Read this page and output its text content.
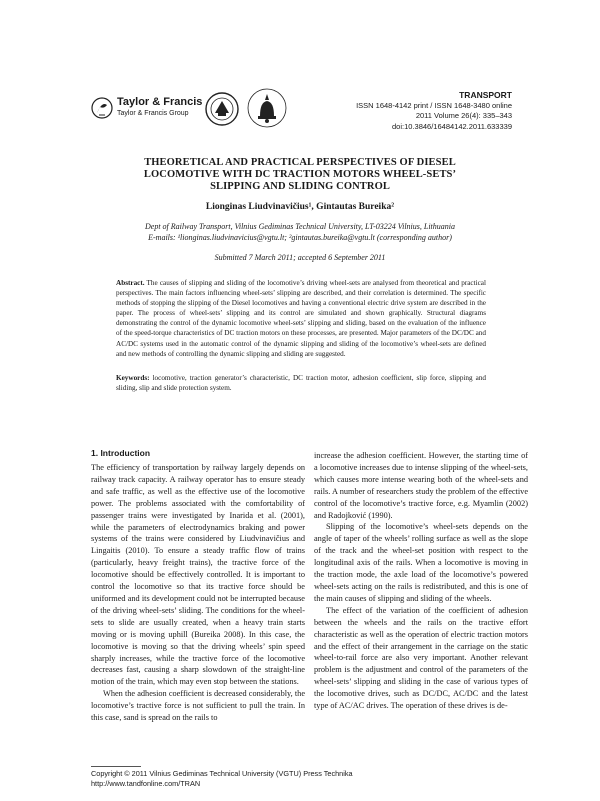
Taylor & Francis
Taylor & Francis Group
TRANSPORT
ISSN 1648-4142 print / ISSN 1648-3480 online
2011 Volume 26(4): 335–343
doi:10.3846/16484142.2011.633339
THEORETICAL AND PRACTICAL PERSPECTIVES OF DIESEL
LOCOMOTIVE WITH DC TRACTION MOTORS WHEEL-SETS’
SLIPPING AND SLIDING CONTROL
Lionginas Liudvinavičius¹, Gintautas Bureika²
Dept of Railway Transport, Vilnius Gediminas Technical University, LT-03224 Vilnius, Lithuania
E-mails: ¹lionginas.liudvinavicius@vgtu.lt; ²gintautas.bureika@vgtu.lt (corresponding author)
Submitted 7 March 2011; accepted 6 September 2011
Abstract. The causes of slipping and sliding of the locomotive’s driving wheel-sets are analysed from theoretical and practical perspectives. The main factors influencing wheel-sets’ slipping are described, and their correlation is determined. The specific methods of stopping the slipping of the Diesel locomotives and having a conventional electric drive system are described in the paper. The process of wheel-sets’ slipping and its control are simulated and shown graphically. Structural diagrams demonstrating the control of the dynamic locomotive wheel-sets’ slipping and sliding, based on the evaluation of the influence of the speed-torque characteristics of DC traction motors on these processes, are presented. Major parameters of the DC/DC and AC/DC systems used in the automatic control of the dynamic slipping and sliding of the locomotive’s wheel-sets are defined and new methods of controlling the dynamic slipping and sliding are suggested.
Keywords: locomotive, traction generator’s characteristic, DC traction motor, adhesion coefficient, slip force, slipping and sliding, slip and slide protection system.
1. Introduction

The efficiency of transportation by railway largely depends on railway track capacity. A railway operator has to ensure steady and safe traffic, as well as the effective use of the locomotive power. The problems associated with the comfortability of passenger trains were investigated by Inarida et al. (2001), while the parameters of electrodynamics braking and power systems of the trains were considered by Liudvinavičius and Lingaitis (2010). To ensure a steady traffic flow of trains (particularly, heavy freight trains), the tractive force of the locomotive should be effectively controlled. It is important to control the locomotive so that its tractive force should be uniformed and its development could not be interrupted because of the driving wheel-sets’ sliding. The conditions for the wheel-sets to slide are usually created, when a heavy train starts moving or is moving uphill (Bureika 2008). In this case, the locomotive is moving so that the driving wheels’ spin speed sharply increases, while the tractive force of the locomotive decreases fast, causing a sharp slowdown of the straight-line motion of the train, which may even stop between the stations.

When the adhesion coefficient is decreased considerably, the locomotive’s tractive force is not sufficient to pull the train. In this case, sand is spread on the rails to

increase the adhesion coefficient. However, the starting time of a locomotive increases due to intense slipping of the wheel-sets, which causes more intense wearing both of the wheel-sets and rails. A number of researchers study the problem of the effective control of the locomotive’s tractive force, e.g. Myamlin (2002) and Radojković (1990).

Slipping of the locomotive’s wheel-sets depends on the angle of taper of the wheels’ rolling surface as well as the slope of the track and the wheel-set position with respect to the longitudinal axis of the rails. When a locomotive is moving in the traction mode, the axle load of the locomotive’s powered wheel-sets acting on the rails is redistributed, and this is one of the main causes of slipping and sliding of the wheels.

The effect of the variation of the coefficient of adhesion between the wheels and the rails on the tractive effort characteristic as well as the operation of electric traction motors and the effect of their arrangement in the carriage on the static wheel-to-rail force are also very important. Another relevant problem is the adjustment and control of the parameters of the wheel-sets’ slipping and sliding in the case of various types of the locomotive drives, such as DC/DC, AC/DC and the latest type of AC/AC drives. The operation of these drives is de-

Copyright © 2011 Vilnius Gediminas Technical University (VGTU) Press Technika
http://www.tandfonline.com/TRAN
